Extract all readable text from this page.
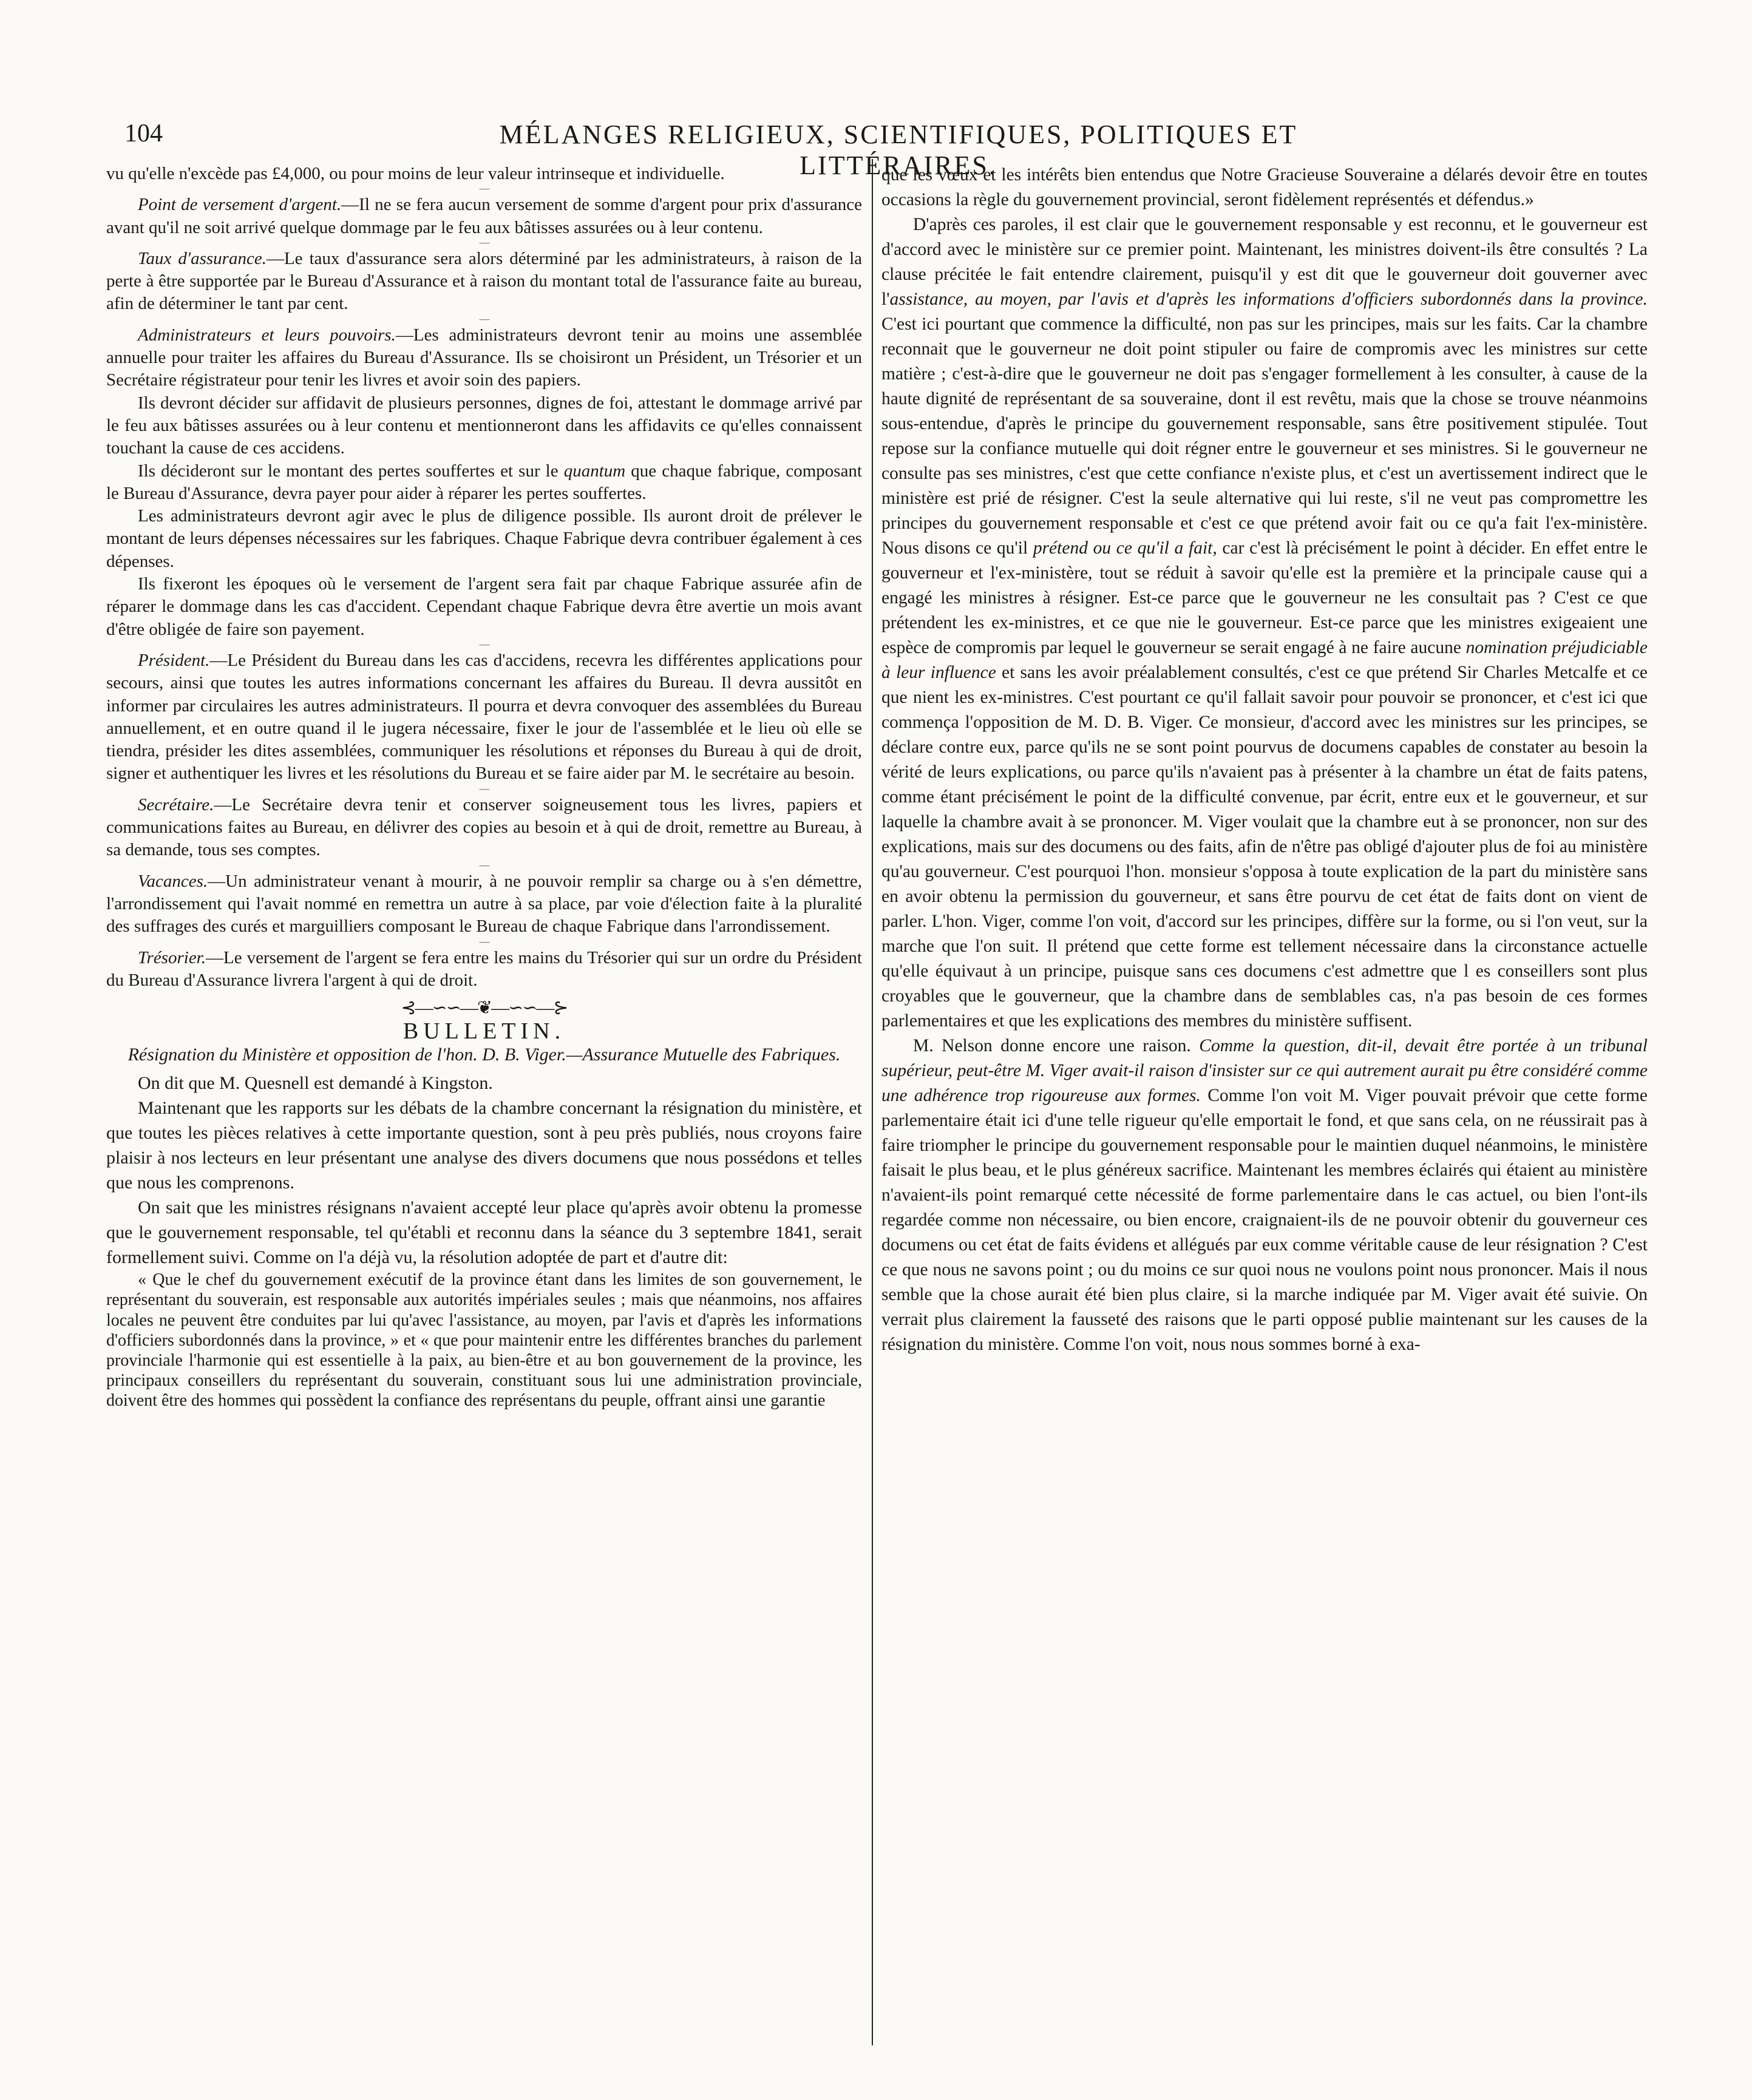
104	MÉLANGES RELIGIEUX, SCIENTIFIQUES, POLITIQUES ET LITTÉRAIRES.

vu qu'elle n'excède pas £4,000, ou pour moins de leur valeur intrinseque et individuelle.

—

Point de versement d'argent.—Il ne se fera aucun versement de somme d'argent pour prix d'assurance avant qu'il ne soit arrivé quelque dommage par le feu aux bâtisses assurées ou à leur contenu.

—

Taux d'assurance.—Le taux d'assurance sera alors déterminé par les administrateurs, à raison de la perte à être supportée par le Bureau d'Assurance et à raison du montant total de l'assurance faite au bureau, afin de déterminer le tant par cent.

—

Administrateurs et leurs pouvoirs.—Les administrateurs devront tenir au moins une assemblée annuelle pour traiter les affaires du Bureau d'Assurance. Ils se choisiront un Président, un Trésorier et un Secrétaire régistrateur pour tenir les livres et avoir soin des papiers.

Ils devront décider sur affidavit de plusieurs personnes, dignes de foi, attestant le dommage arrivé par le feu aux bâtisses assurées ou à leur contenu et mentionneront dans les affidavits ce qu'elles connaissent touchant la cause de ces accidens.

Ils décideront sur le montant des pertes souffertes et sur le quantum que chaque fabrique, composant le Bureau d'Assurance, devra payer pour aider à réparer les pertes souffertes.

Les administrateurs devront agir avec le plus de diligence possible. Ils auront droit de prélever le montant de leurs dépenses nécessaires sur les fabriques. Chaque Fabrique devra contribuer également à ces dépenses.

Ils fixeront les époques où le versement de l'argent sera fait par chaque Fabrique assurée afin de réparer le dommage dans les cas d'accident. Cependant chaque Fabrique devra être avertie un mois avant d'être obligée de faire son payement.

—

Président.—Le Président du Bureau dans les cas d'accidens, recevra les différentes applications pour secours, ainsi que toutes les autres informations concernant les affaires du Bureau. Il devra aussitôt en informer par circulaires les autres administrateurs. Il pourra et devra convoquer des assemblées du Bureau annuellement, et en outre quand il le jugera nécessaire, fixer le jour de l'assemblée et le lieu où elle se tiendra, présider les dites assemblées, communiquer les résolutions et réponses du Bureau à qui de droit, signer et authentiquer les livres et les résolutions du Bureau et se faire aider par M. le secrétaire au besoin.

—

Secrétaire.—Le Secrétaire devra tenir et conserver soigneusement tous les livres, papiers et communications faites au Bureau, en délivrer des copies au besoin et à qui de droit, remettre au Bureau, à sa demande, tous ses comptes.

—

Vacances.—Un administrateur venant à mourir, à ne pouvoir remplir sa charge ou à s'en démettre, l'arrondissement qui l'avait nommé en remettra un autre à sa place, par voie d'élection faite à la pluralité des suffrages des curés et marguilliers composant le Bureau de chaque Fabrique dans l'arrondissement.

—

Trésorier.—Le versement de l'argent se fera entre les mains du Trésorier qui sur un ordre du Président du Bureau d'Assurance livrera l'argent à qui de droit.

⊰—∽∽—❦—∽∽—⊱
BULLETIN.
Résignation du Ministère et opposition de l'hon. D. B. Viger.—Assurance Mutuelle des Fabriques.

On dit que M. Quesnell est demandé à Kingston.

Maintenant que les rapports sur les débats de la chambre concernant la résignation du ministère, et que toutes les pièces relatives à cette importante question, sont à peu près publiés, nous croyons faire plaisir à nos lecteurs en leur présentant une analyse des divers documens que nous possédons et telles que nous les comprenons.

On sait que les ministres résignans n'avaient accepté leur place qu'après avoir obtenu la promesse que le gouvernement responsable, tel qu'établi et reconnu dans la séance du 3 septembre 1841, serait formellement suivi. Comme on l'a déjà vu, la résolution adoptée de part et d'autre dit:

« Que le chef du gouvernement exécutif de la province étant dans les limites de son gouvernement, le représentant du souverain, est responsable aux autorités impériales seules ; mais que néanmoins, nos affaires locales ne peuvent être conduites par lui qu'avec l'assistance, au moyen, par l'avis et d'après les informations d'officiers subordonnés dans la province, » et « que pour maintenir entre les différentes branches du parlement provinciale l'harmonie qui est essentielle à la paix, au bien-être et au bon gouvernement de la province, les principaux conseillers du représentant du souverain, constituant sous lui une administration provinciale, doivent être des hommes qui possèdent la confiance des représentans du peuple, offrant ainsi une garantie

que les vœux et les intérêts bien entendus que Notre Gracieuse Souveraine a délarés devoir être en toutes occasions la règle du gouvernement provincial, seront fidèlement représentés et défendus.»

D'après ces paroles, il est clair que le gouvernement responsable y est reconnu, et le gouverneur est d'accord avec le ministère sur ce premier point. Maintenant, les ministres doivent-ils être consultés ? La clause précitée le fait entendre clairement, puisqu'il y est dit que le gouverneur doit gouverner avec l'assistance, au moyen, par l'avis et d'après les informations d'officiers subordonnés dans la province. C'est ici pourtant que commence la difficulté, non pas sur les principes, mais sur les faits. Car la chambre reconnait que le gouverneur ne doit point stipuler ou faire de compromis avec les ministres sur cette matière ; c'est-à-dire que le gouverneur ne doit pas s'engager formellement à les consulter, à cause de la haute dignité de représentant de sa souveraine, dont il est revêtu, mais que la chose se trouve néanmoins sous-entendue, d'après le principe du gouvernement responsable, sans être positivement stipulée. Tout repose sur la confiance mutuelle qui doit régner entre le gouverneur et ses ministres. Si le gouverneur ne consulte pas ses ministres, c'est que cette confiance n'existe plus, et c'est un avertissement indirect que le ministère est prié de résigner. C'est la seule alternative qui lui reste, s'il ne veut pas compromettre les principes du gouvernement responsable et c'est ce que prétend avoir fait ou ce qu'a fait l'ex-ministère. Nous disons ce qu'il prétend ou ce qu'il a fait, car c'est là précisément le point à décider. En effet entre le gouverneur et l'ex-ministère, tout se réduit à savoir qu'elle est la première et la principale cause qui a engagé les ministres à résigner. Est-ce parce que le gouverneur ne les consultait pas ? C'est ce que prétendent les ex-ministres, et ce que nie le gouverneur. Est-ce parce que les ministres exigeaient une espèce de compromis par lequel le gouverneur se serait engagé à ne faire aucune nomination préjudiciable à leur influence et sans les avoir préalablement consultés, c'est ce que prétend Sir Charles Metcalfe et ce que nient les ex-ministres. C'est pourtant ce qu'il fallait savoir pour pouvoir se prononcer, et c'est ici que commença l'opposition de M. D. B. Viger. Ce monsieur, d'accord avec les ministres sur les principes, se déclare contre eux, parce qu'ils ne se sont point pourvus de documens capables de constater au besoin la vérité de leurs explications, ou parce qu'ils n'avaient pas à présenter à la chambre un état de faits patens, comme étant précisément le point de la difficulté convenue, par écrit, entre eux et le gouverneur, et sur laquelle la chambre avait à se prononcer. M. Viger voulait que la chambre eut à se prononcer, non sur des explications, mais sur des documens ou des faits, afin de n'être pas obligé d'ajouter plus de foi au ministère qu'au gouverneur. C'est pourquoi l'hon. monsieur s'opposa à toute explication de la part du ministère sans en avoir obtenu la permission du gouverneur, et sans être pourvu de cet état de faits dont on vient de parler. L'hon. Viger, comme l'on voit, d'accord sur les principes, diffère sur la forme, ou si l'on veut, sur la marche que l'on suit. Il prétend que cette forme est tellement nécessaire dans la circonstance actuelle qu'elle équivaut à un principe, puisque sans ces documens c'est admettre que l es conseillers sont plus croyables que le gouverneur, que la chambre dans de semblables cas, n'a pas besoin de ces formes parlementaires et que les explications des membres du ministère suffisent.

M. Nelson donne encore une raison. Comme la question, dit-il, devait être portée à un tribunal supérieur, peut-être M. Viger avait-il raison d'insister sur ce qui autrement aurait pu être considéré comme une adhérence trop rigoureuse aux formes. Comme l'on voit M. Viger pouvait prévoir que cette forme parlementaire était ici d'une telle rigueur qu'elle emportait le fond, et que sans cela, on ne réussirait pas à faire triompher le principe du gouvernement responsable pour le maintien duquel néanmoins, le ministère faisait le plus beau, et le plus généreux sacrifice. Maintenant les membres éclairés qui étaient au ministère n'avaient-ils point remarqué cette nécessité de forme parlementaire dans le cas actuel, ou bien l'ont-ils regardée comme non nécessaire, ou bien encore, craignaient-ils de ne pouvoir obtenir du gouverneur ces documens ou cet état de faits évidens et allégués par eux comme véritable cause de leur résignation ? C'est ce que nous ne savons point ; ou du moins ce sur quoi nous ne voulons point nous prononcer. Mais il nous semble que la chose aurait été bien plus claire, si la marche indiquée par M. Viger avait été suivie. On verrait plus clairement la fausseté des raisons que le parti opposé publie maintenant sur les causes de la résignation du ministère. Comme l'on voit, nous nous sommes borné à exa-
